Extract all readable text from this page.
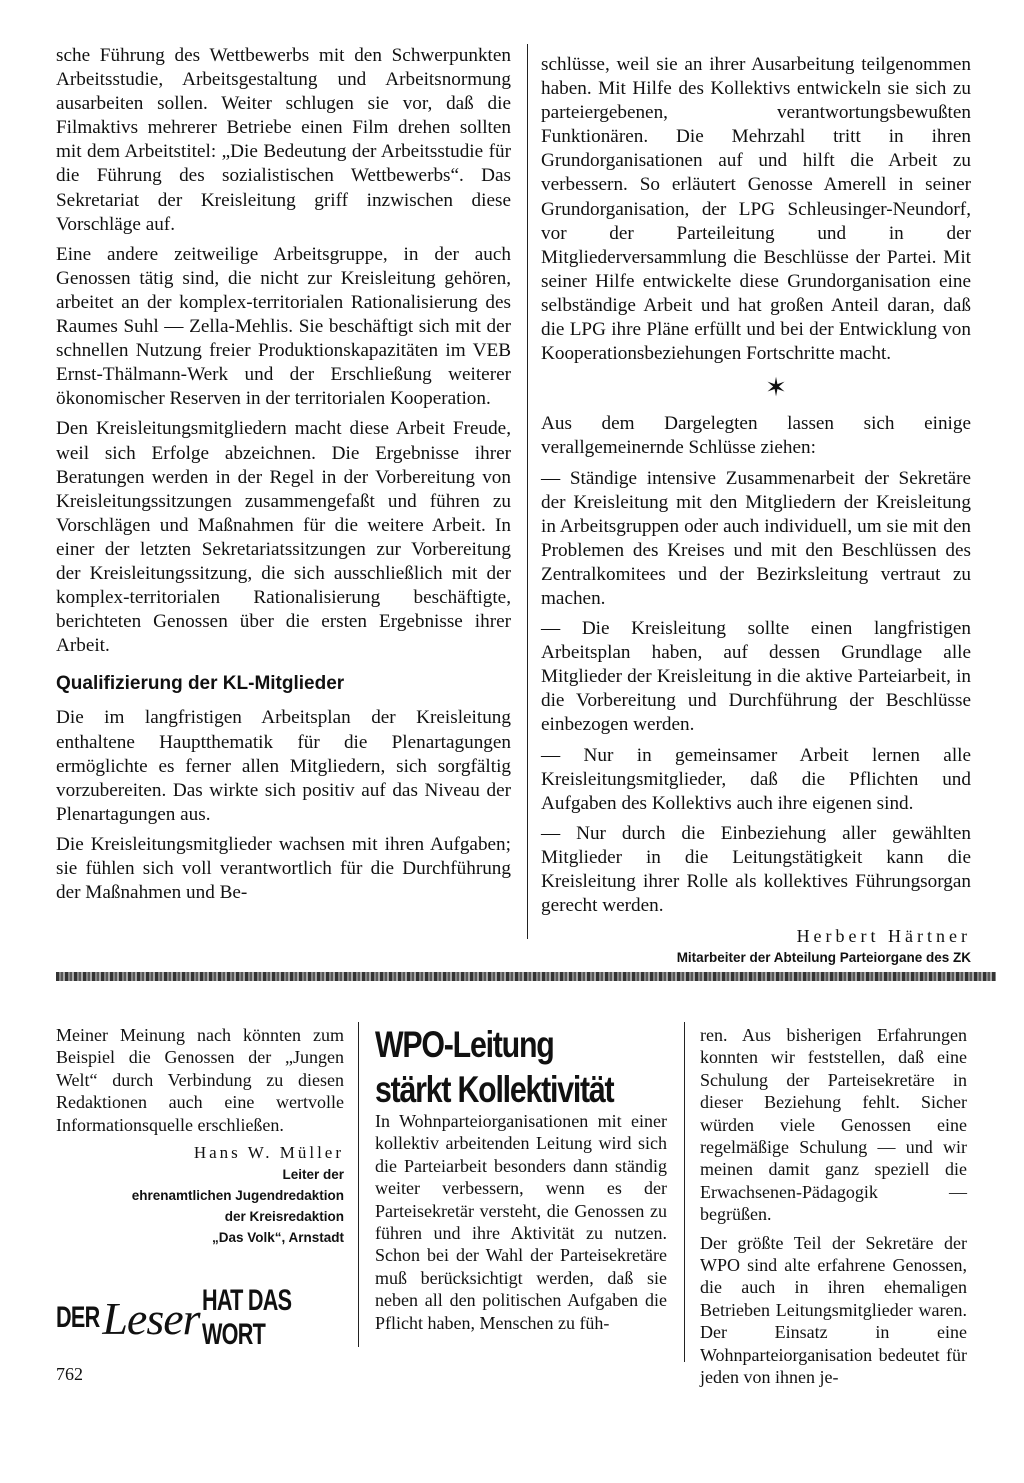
sche Führung des Wettbewerbs mit den Schwerpunkten Arbeitsstudie, Arbeitsgestaltung und Arbeitsnormung ausarbeiten sollen. Weiter schlugen sie vor, daß die Filmaktivs mehrerer Betriebe einen Film drehen sollten mit dem Arbeitstitel: „Die Bedeutung der Arbeitsstudie für die Führung des sozialistischen Wettbewerbs“. Das Sekretariat der Kreisleitung griff inzwischen diese Vorschläge auf.

Eine andere zeitweilige Arbeitsgruppe, in der auch Genossen tätig sind, die nicht zur Kreisleitung gehören, arbeitet an der komplex-territorialen Rationalisierung des Raumes Suhl — Zella-Mehlis. Sie beschäftigt sich mit der schnellen Nutzung freier Produktionskapazitäten im VEB Ernst-Thälmann-Werk und der Erschließung weiterer ökonomischer Reserven in der territorialen Kooperation.

Den Kreisleitungsmitgliedern macht diese Arbeit Freude, weil sich Erfolge abzeichnen. Die Ergebnisse ihrer Beratungen werden in der Regel in der Vorbereitung von Kreisleitungssitzungen zusammengefaßt und führen zu Vorschlägen und Maßnahmen für die weitere Arbeit. In einer der letzten Sekretariatssitzungen zur Vorbereitung der Kreisleitungssitzung, die sich ausschließlich mit der komplex-territorialen Rationalisierung beschäftigte, berichteten Genossen über die ersten Ergebnisse ihrer Arbeit.

Qualifizierung der KL-Mitglieder

Die im langfristigen Arbeitsplan der Kreisleitung enthaltene Hauptthematik für die Plenartagungen ermöglichte es ferner allen Mitgliedern, sich sorgfältig vorzubereiten. Das wirkte sich positiv auf das Niveau der Plenartagungen aus.

Die Kreisleitungsmitglieder wachsen mit ihren Aufgaben; sie fühlen sich voll verantwortlich für die Durchführung der Maßnahmen und Be-

schlüsse, weil sie an ihrer Ausarbeitung teilgenommen haben. Mit Hilfe des Kollektivs entwickeln sie sich zu parteiergebenen, verantwortungsbewußten Funktionären. Die Mehrzahl tritt in ihren Grundorganisationen auf und hilft die Arbeit zu verbessern. So erläutert Genosse Amerell in seiner Grundorganisation, der LPG Schleusinger-Neundorf, vor der Parteileitung und in der Mitgliederversammlung die Beschlüsse der Partei. Mit seiner Hilfe entwickelte diese Grundorganisation eine selbständige Arbeit und hat großen Anteil daran, daß die LPG ihre Pläne erfüllt und bei der Entwicklung von Kooperationsbeziehungen Fortschritte macht.

✶

Aus dem Dargelegten lassen sich einige verallgemeinernde Schlüsse ziehen:

— Ständige intensive Zusammenarbeit der Sekretäre der Kreisleitung mit den Mitgliedern der Kreisleitung in Arbeitsgruppen oder auch individuell, um sie mit den Problemen des Kreises und mit den Beschlüssen des Zentralkomitees und der Bezirksleitung vertraut zu machen.

— Die Kreisleitung sollte einen langfristigen Arbeitsplan haben, auf dessen Grundlage alle Mitglieder der Kreisleitung in die aktive Parteiarbeit, in die Vorbereitung und Durchführung der Beschlüsse einbezogen werden.

— Nur in gemeinsamer Arbeit lernen alle Kreisleitungsmitglieder, daß die Pflichten und Aufgaben des Kollektivs auch ihre eigenen sind.

— Nur durch die Einbeziehung aller gewählten Mitglieder in die Leitungstätigkeit kann die Kreisleitung ihrer Rolle als kollektives Führungsorgan gerecht werden.

Herbert Härtner

Mitarbeiter der Abteilung Parteiorgane des ZK

Meiner Meinung nach könnten zum Beispiel die Genossen der „Jungen Welt“ durch Verbindung zu diesen Redaktionen auch eine wertvolle Informationsquelle erschließen.

Hans W. Müller

Leiter der

ehrenamtlichen Jugendredaktion

der Kreisredaktion

„Das Volk“, Arnstadt

DER Leser HAT DAS WORT
762
WPO-Leitung
stärkt Kollektivität

In Wohnparteiorganisationen mit einer kollektiv arbeitenden Leitung wird sich die Parteiarbeit besonders dann ständig weiter verbessern, wenn es der Parteisekretär versteht, die Genossen zu führen und ihre Aktivität zu nutzen. Schon bei der Wahl der Parteisekretäre muß berücksichtigt werden, daß sie neben all den politischen Aufgaben die Pflicht haben, Menschen zu füh-

ren. Aus bisherigen Erfahrungen konnten wir feststellen, daß eine Schulung der Parteisekretäre in dieser Beziehung fehlt. Sicher würden viele Genossen eine regelmäßige Schulung — und wir meinen damit ganz speziell die Erwachsenen-Pädagogik — begrüßen.

Der größte Teil der Sekretäre der WPO sind alte erfahrene Genossen, die auch in ihren ehemaligen Betrieben Leitungsmitglieder waren. Der Einsatz in eine Wohnparteiorganisation bedeutet für jeden von ihnen je-
